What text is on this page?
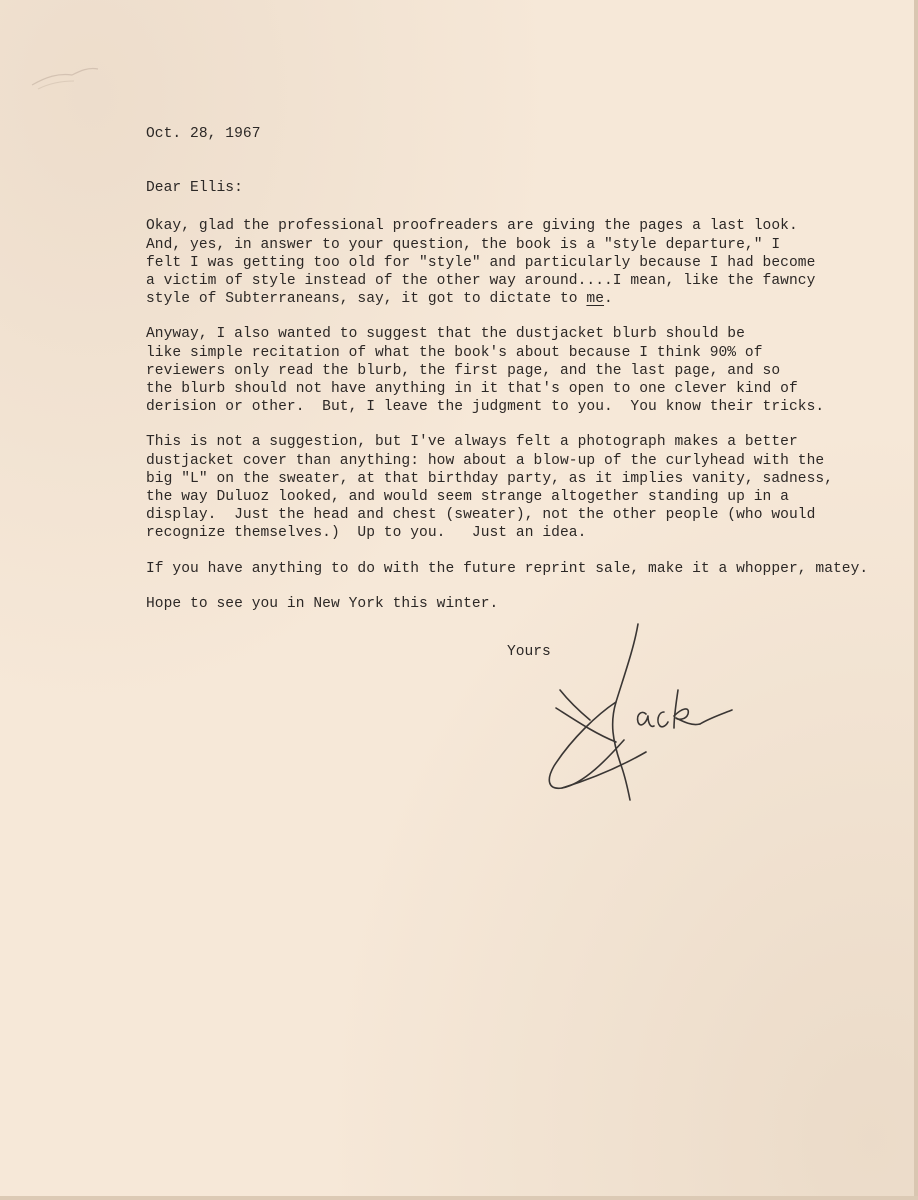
Oct. 28, 1967
Dear Ellis:
Okay, glad the professional proofreaders are giving the pages a last look.
And, yes, in answer to your question, the book is a "style departure," I
felt I was getting too old for "style" and particularly because I had become
a victim of style instead of the other way around....I mean, like the fawncy
style of Subterraneans, say, it got to dictate to me.
Anyway, I also wanted to suggest that the dustjacket blurb should be
like simple recitation of what the book's about because I think 90% of
reviewers only read the blurb, the first page, and the last page, and so
the blurb should not have anything in it that's open to one clever kind of
derision or other.  But, I leave the judgment to you.  You know their tricks.
This is not a suggestion, but I've always felt a photograph makes a better
dustjacket cover than anything: how about a blow-up of the curlyhead with the
big "L" on the sweater, at that birthday party, as it implies vanity, sadness,
the way Duluoz looked, and would seem strange altogether standing up in a
display.  Just the head and chest (sweater), not the other people (who would
recognize themselves.)  Up to you.   Just an idea.
If you have anything to do with the future reprint sale, make it a whopper, matey.
Hope to see you in New York this winter.
Yours
